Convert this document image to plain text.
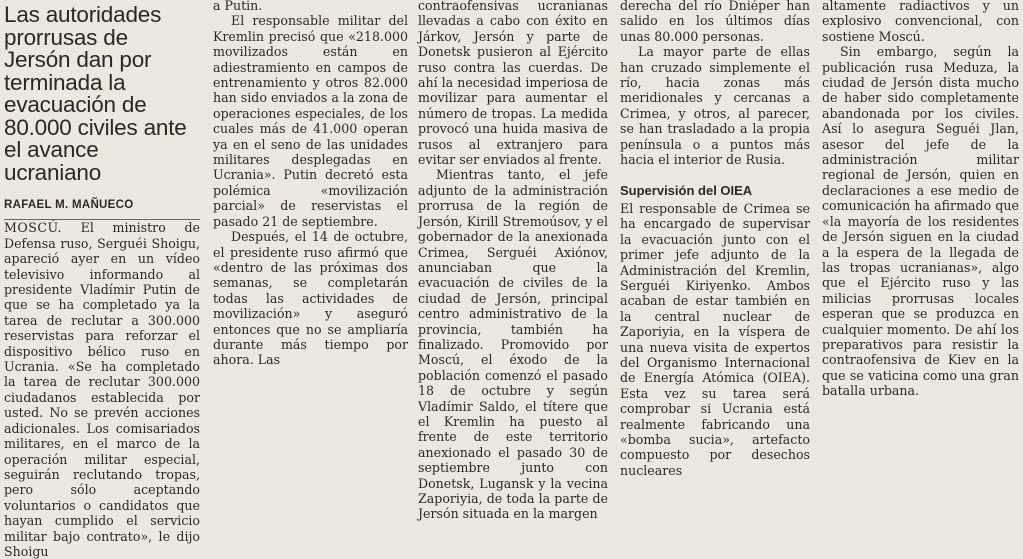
Las autoridades prorrusas de Jersón dan por terminada la evacuación de 80.000 civiles ante el avance ucraniano
RAFAEL M. MAÑUECO

MOSCÚ. El ministro de Defensa ruso, Serguéi Shoigu, apareció ayer en un vídeo televisivo informando al presidente Vladímir Putin de que se ha completado ya la tarea de reclutar a 300.000 reservistas para reforzar el dispositivo bélico ruso en Ucrania. «Se ha completado la tarea de reclutar 300.000 ciudadanos establecida por usted. No se prevén acciones adicionales. Los comisariados militares, en el marco de la operación militar especial, seguirán reclutando tropas, pero sólo aceptando voluntarios o candidatos que hayan cumplido el servicio militar bajo contrato», le dijo Shoigu

a Putin.

El responsable militar del Kremlin precisó que «218.000 movilizados están en adiestramiento en campos de entrenamiento y otros 82.000 han sido enviados a la zona de operaciones especiales, de los cuales más de 41.000 operan ya en el seno de las unidades militares desplegadas en Ucrania». Putin decretó esta polémica «movilización parcial» de reservistas el pasado 21 de septiembre.

Después, el 14 de octubre, el presidente ruso afirmó que «dentro de las próximas dos semanas, se completarán todas las actividades de movilización» y aseguró entonces que no se ampliaría durante más tiempo por ahora. Las

contraofensivas ucranianas llevadas a cabo con éxito en Járkov, Jersón y parte de Donetsk pusieron al Ejército ruso contra las cuerdas. De ahí la necesidad imperiosa de movilizar para aumentar el número de tropas. La medida provocó una huida masiva de rusos al extranjero para evitar ser enviados al frente.

Mientras tanto, el jefe adjunto de la administración prorrusa de la región de Jersón, Kirill Stremoúsov, y el gobernador de la anexionada Crimea, Serguéi Axiónov, anunciaban que la evacuación de civiles de la ciudad de Jersón, principal centro administrativo de la provincia, también ha finalizado. Promovido por Moscú, el éxodo de la población comenzó el pasado 18 de octubre y según Vladímir Saldo, el títere que el Kremlin ha puesto al frente de este territorio anexionado el pasado 30 de septiembre junto con Donetsk, Lugansk y la vecina Zaporiyia, de toda la parte de Jersón situada en la margen

derecha del río Dniéper han salido en los últimos días unas 80.000 personas.

La mayor parte de ellas han cruzado simplemente el río, hacia zonas más meridionales y cercanas a Crimea, y otros, al parecer, se han trasladado a la propia península o a puntos más hacia el interior de Rusia.

Supervisión del OIEA

El responsable de Crimea se ha encargado de supervisar la evacuación junto con el primer jefe adjunto de la Administración del Kremlin, Serguéi Kiriyenko. Ambos acaban de estar también en la central nuclear de Zaporiyia, en la víspera de una nueva visita de expertos del Organismo Internacional de Energía Atómica (OIEA). Esta vez su tarea será comprobar si Ucrania está realmente fabricando una «bomba sucia», artefacto compuesto por desechos nucleares

altamente radiactivos y un explosivo convencional, con sostiene Moscú.

Sin embargo, según la publicación rusa Meduza, la ciudad de Jersón dista mucho de haber sido completamente abandonada por los civiles. Así lo asegura Seguéi Jlan, asesor del jefe de la administración militar regional de Jersón, quien en declaraciones a ese medio de comunicación ha afirmado que «la mayoría de los residentes de Jersón siguen en la ciudad a la espera de la llegada de las tropas ucranianas», algo que el Ejército ruso y las milicias prorrusas locales esperan que se produzca en cualquier momento. De ahí los preparativos para resistir la contraofensiva de Kiev en la que se vaticina como una gran batalla urbana.
